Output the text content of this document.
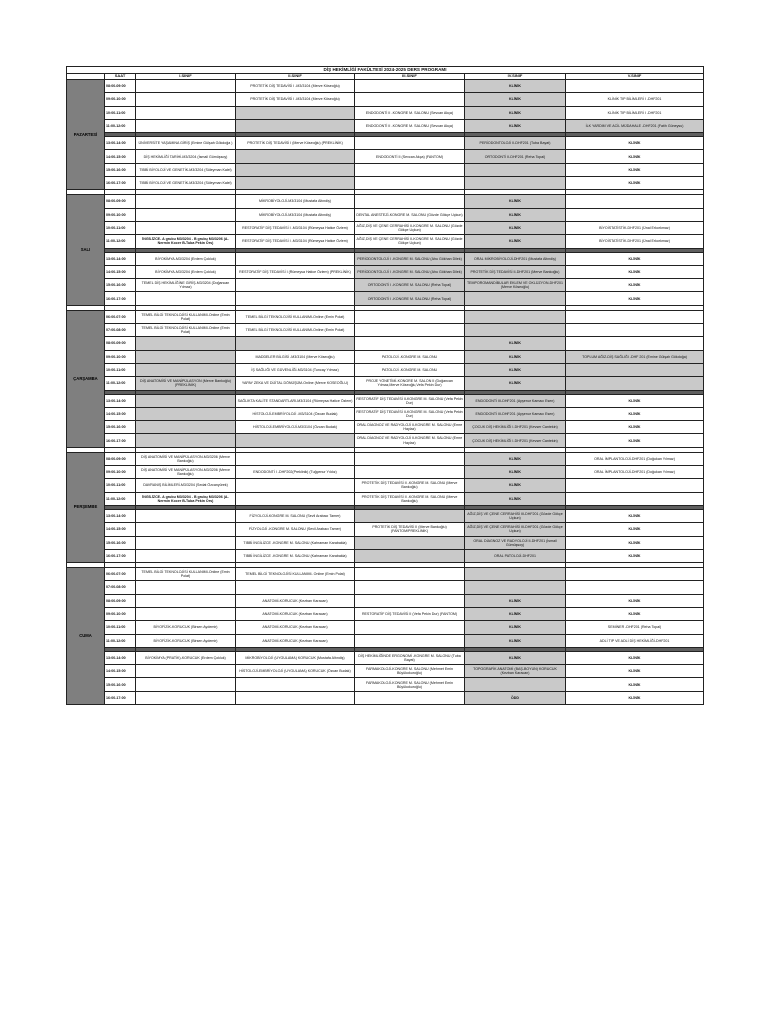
DİŞ HEKİMLİĞİ FAKÜLTESİ 2024-2025 DERS PROGRAMI						
	SAAT	I.SINIF	II.SINIF	III.SINIF	IV.SINIF	V.SINIF
PAZARTESİ	08:00-09:00		PROTETİK DİŞ TEDAVİSİ I -M3/3104 (Merve Köseoğlu)		KLİNİK	
	09:00-10:00		PROTETİK DİŞ TEDAVİSİ I -M3/3104 (Merve Köseoğlu)		KLİNİK	KLİNİK TIP BİLİMLERİ I -DHF201
	10:00-11:00			ENDODONTİ II -KONGRE M. SALONU (Sevcan Akça)	KLİNİK	KLİNİK TIP BİLİMLERİ I -DHF201
	11:00-12:00			ENDODONTİ II -KONGRE M. SALONU (Sevcan Akça)	KLİNİK	İLK YARDIM VE ACİL MÜDAHALE -DHF201 (Fatih Güneysu)

	13:00-14:00	ÜNİVERSİTE YAŞAMINA GİRİŞ (Emine Gülşah Gökdoğa )	PROTETİK DİŞ TEDAVİSİ I (Merve Köseoğlu) (PREKLİNİK)		PERİODONTOLOJİ II-DHF201 (Tuba Bayat)	KLİNİK
	14:00-15:00	DİŞ HEKİMLİĞİ TARİHİ-M3/3204 (İsmail Gümüşsoy)		ENDODONTİ II (Sevcan Akça) (FANTOM)	ORTODONTİ II-DHF201 (Reha Topal)	KLİNİK
	15:00-16:00	TIBBİ BİYOLOJİ VE GENETİK-M3/3204 (Süleyman Kalel)				KLİNİK
	16:00-17:00	TIBBİ BİYOLOJİ VE GENETİK-M3/3204 (Süleyman Kalel)				KLİNİK

SALI	08:00-09:00		MİKROBİYOLOJİ-M3/3104 (Mustafa Altındiş)		KLİNİK	
	09:00-10:00		MİKROBİYOLOJİ-M3/3104 (Mustafa Altındiş)	DENTAL ANESTEZİ-KONGRE M. SALONU (Gözde Gökçe Uçkun)	KLİNİK	
	10:00-11:00		RESTORATİF DİŞ TEDAVİSİ I -M3/3104 (Rümeysa Hatice Özlem)	AĞIZ,DİŞ VE ÇENE CERRAHİSİ II-KONGRE M. SALONU (Gözde Gökçe Uçkun)	KLİNİK	BİYOİSTATİSTİK-DHF201 (Ünal Erkorkmaz)
	11:00-12:00	İNGİLİZCE- A grubu M3/3204 - B grubu M3/3206 (A-Nermin Kocer B-Tuba Pekin Örs)	RESTORATİF DİŞ TEDAVİSİ I -M3/3104 (Rümeysa Hatice Özlem)	AĞIZ,DİŞ VE ÇENE CERRAHİSİ II-KONGRE M. SALONU (Gözde Gökçe Uçkun)	KLİNİK	BİYOİSTATİSTİK-DHF201 (Ünal Erkorkmaz)

	13:00-14:00	BİYOKİMYA-M3/3204 (Erdem Çokluk)		PERİODONTOLOJİ I -KONGRE M. SALONU (Ahu Gökhan Dilek)	ORAL MİKROBİYOLOJİ-DHF201 (Mustafa Altındiş)	KLİNİK
	14:00-15:00	BİYOKİMYA-M3/3204 (Erdem Çokluk)	RESTORATİF DİŞ TEDAVİSİ I (Rümeysa Hatice Özlem) (PREKLİNİK)	PERİODONTOLOJİ I -KONGRE M. SALONU (Ahu Gökhan Dilek)	PROTETİK DİŞ TEDAVİSİ II-DHF201 (Merve Bankoğlu)	KLİNİK
	15:00-16:00	TEMEL DİŞ HEKİMLİĞİNE GİRİŞ-M3/3204 (Doğancan Yılmaz)		ORTODONTİ I -KONGRE M. SALONU (Reha Topal)	TEMPOROMANDİBULAR EKLEM VE OKLÜZYON-DHF201 (Merve Köseoğlu)	KLİNİK
	16:00-17:00			ORTODONTİ I -KONGRE M. SALONU (Reha Topal)		KLİNİK

ÇARŞAMBA	06:00-07:00	TEMEL BİLGİ TEKNOLOJİSİ KULLANIMI-Online (Emin Polat)	TEMEL BİLGİ TEKNOLOJİSİ KULLANIMI-Online (Emin Polat)			
	07:00-08:00	TEMEL BİLGİ TEKNOLOJİSİ KULLANIMI-Online (Emin Polat)	TEMEL BİLGİ TEKNOLOJİSİ KULLANIMI-Online (Emin Polat)			
	08:00-09:00				KLİNİK	
	09:00-10:00		MADDELER BİLGİSİ -M3/3104 (Merve Köseoğlu)	PATOLOJİ -KONGRE M. SALONU	KLİNİK	TOPLUM AĞIZ-DİŞ SAĞLIĞI -DHF 201 (Emine Gülşah Gökdoğa)
	10:00-11:00		İŞ SAĞLIĞI VE GÜVENLİĞİ-M3/3104 (Tuncay Yılmaz)	PATOLOJİ -KONGRE M. SALONU	KLİNİK	
	11:00-12:00	DİŞ ANATOMİSİ VE MANİPÜLASYON (Merve Bankoğlu) (PREKLİNİK)	YAPAY ZEKA VE DİJİTAL DÖNÜŞÜM-Online (Merve KOSEOĞLU)	PROJE YÖNETİMİ-KONGRE M. SALON II (Doğancan Yılmaz,Merve Köseoğlu,Vefa Pekin Dur)	KLİNİK	

	13:00-14:00		SAĞLIKTA KALİTE STANDARTLARI-M3/3104 (Rümeysa Hatice Özlem)	RESTORATİF DİŞ TEDAVİSİ II-KONGRE M. SALONU (Vefa Pekin Dur)	ENDODONTİ III-DHF201 (Ayşenur Kamacı Esen)	KLİNİK
	14:00-15:00		HİSTOLOJİ-EMBRİYOLOJİ -M3/3104 (Özcan Budak)	RESTORATİF DİŞ TEDAVİSİ II-KONGRE M. SALONU (Vefa Pekin Dur)	ENDODONTİ III-DHF201 (Ayşenur Kamacı Esen)	KLİNİK
	15:00-16:00		HİSTOLOJİ-EMBRİYOLOJİ-M3/3104 (Özcan Budak)	ORAL DİAGNOZ VE RADYOLOJİ II-KONGRE M. SALONU (Emre Haylaz)	ÇOCUK DİŞ HEKİMLİĞİ I-DHF201 (Kevser Cantekin)	KLİNİK
	16:00-17:00			ORAL DİAGNOZ VE RADYOLOJİ II-KONGRE M. SALONU (Emre Haylaz)	ÇOCUK DİŞ HEKİMLİĞİ I-DHF201 (Kevser Cantekin)	KLİNİK

PERŞEMBE	08:00-09:00	DİŞ ANATOMİSİ VE MANİPÜLASYON-M3/3206 (Merve Bankoğlu)			KLİNİK	ORAL İMPLANTOLOJİ-DHF201 (Doğukan Yılmaz)
	09:00-10:00	DİŞ ANATOMİSİ VE MANİPÜLASYON-M3/3206 (Merve Bankoğlu)	ENDODONTİ I -DHF202(Preklinik) (Tuğçenur Yıldız)		KLİNİK	ORAL İMPLANTOLOJİ-DHF201 (Doğukan Yılmaz)
	10:00-11:00	DAVRANIŞ BİLİMLERİ-M3/3204 (Sedat Özcanyürek)		PROTETİK DİŞ TEDAVİSİ II -KONGRE M. SALONU (Merve Bankoğlu)	KLİNİK	
	11:00-12:00	İNGİLİZCE- A grubu M3/3204 - B grubu M3/3206 (A-Nermin Kocer B-Tuba Pekin Örs)		PROTETİK DİŞ TEDAVİSİ II -KONGRE M. SALONU (Merve Bankoğlu)	KLİNİK	

	13:00-14:00		FİZYOLOJİ-KONGRE M. SALONU (Sevil Arabacı Tamer)		AĞIZ,DİŞ VE ÇENE CERRAHİSİ III-DHF201 (Gözde Gökçe Uçkun)	KLİNİK
	14:00-15:00		FİZYOLOJİ -KONGRE M. SALONU (Sevil Arabacı Tamer)	PROTETİK DİŞ TEDAVİSİ II (Merve Bankoğlu) (FANTOM/PREKLİNİK)	AĞIZ,DİŞ VE ÇENE CERRAHİSİ III-DHF201 (Gözde Gökçe Uçkun)	KLİNİK
	15:00-16:00		TIBBİ İNGİLİZCE -KONGRE M. SALONU (Kahraman Karabakla)		ORAL DİAGNOZ VE RADYOLOJİ II-DHF201 (İsmail Gümüşsoy)	KLİNİK
	16:00-17:00		TIBBİ İNGİLİZCE -KONGRE M. SALONU (Kahraman Karabakla)		ORAL PATOLOJİ-DHF201	KLİNİK

CUMA	06:00-07:00	TEMEL BİLGİ TEKNOLOJİSİ KULLANIMI-Online (Emin Polat)	TEMEL BİLGİ TEKNOLOJİSİ KULLANIMI- Online (Emin Polat)			
	07:00-08:00					
	08:00-09:00		ANATOMİ-KORUCUK (Kezban Karacan)		KLİNİK	KLİNİK
	09:00-10:00		ANATOMİ-KORUCUK (Kezban Karacan)	RESTORATİF DİŞ TEDAVİSİ II (Vefa Pekin Dur) (FANTOM)	KLİNİK	KLİNİK
	10:00-11:00	BİYOFİZİK-KORUCUK (Birsen Aydemir)	ANATOMİ-KORUCUK (Kezban Karacan)		KLİNİK	SEMİNER -DHF201 (Reha Topal)
	11:00-12:00	BİYOFİZİK-KORUCUK (Birsen Aydemir)	ANATOMİ-KORUCUK (Kezban Karacan)		KLİNİK	ADLİ TIP VE ADLİ DİŞ HEKİMLİĞİ-DHF201

	13:00-14:00	BİYOKİMYA (PRATİK)-KORUCUK (Erdem Çokluk)	MİKROBİYOLOJİ (UYGULAMA) KORUCUK (Mustafa Altındiş)	DİŞ HEKİMLİĞİNDE ERGONOMİ -KONGRE M. SALONU (Tuba Bayat)	KLİNİK	KLİNİK
	14:00-15:00		HİSTOLOJİ-EMBRİYOLOJİ (UYGULAMA) KORUCUK (Özcan Budak)	FARMAKOLOJİ-KONGRE M. SALONU (Mehmet Emin Büyükokuroğlu)	TOPOGRAFİK ANATOMİ (BAŞ-BOYUN) KORUCUK (Kezban Karacan)	KLİNİK
	15:00-16:00			FARMAKOLOJİ-KONGRE M. SALONU (Mehmet Emin Büyükokuroğlu)		KLİNİK
	16:00-17:00				ÖDD	KLİNİK
